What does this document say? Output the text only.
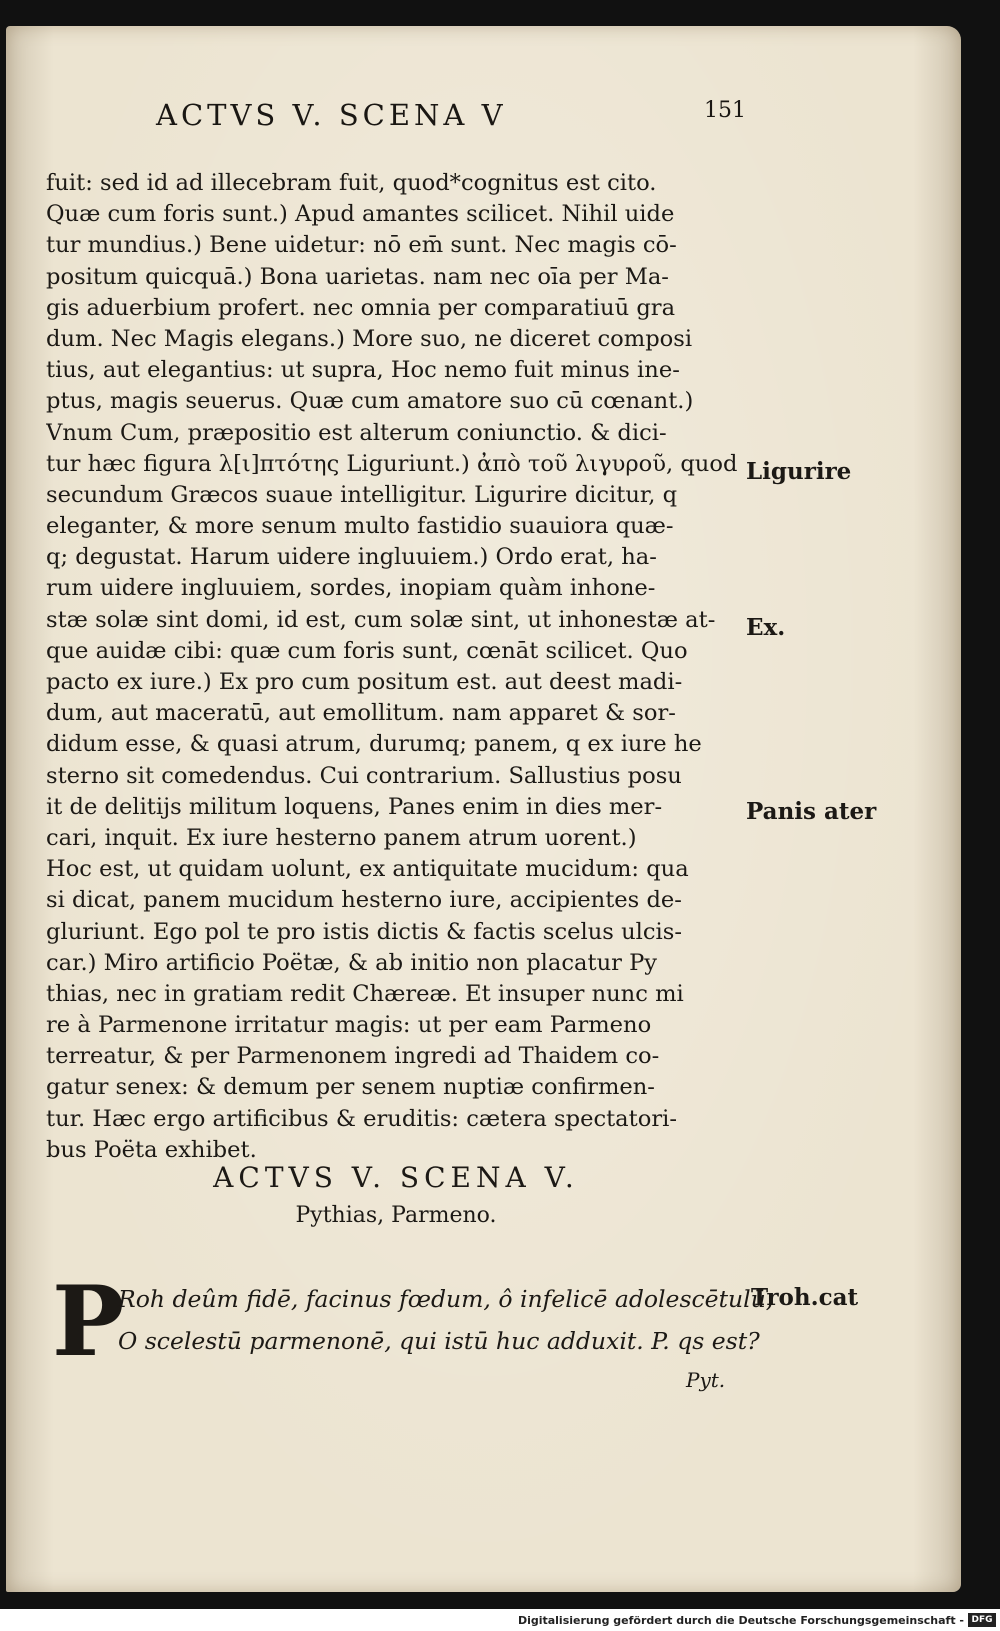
ACTVS V. SCENA V	151
fuit: sed id ad illecebram fuit, quod*cognitus est cito.
Quæ cum foris sunt.) Apud amantes scilicet. Nihil uide
tur mundius.) Bene uidetur: nō em̄ sunt. Nec magis cō-
positum quicquā.) Bona uarietas. nam nec oīa per Ma-
gis aduerbium profert. nec omnia per comparatiuū gra
dum. Nec Magis elegans.) More suo, ne diceret composi
tius, aut elegantius: ut supra, Hoc nemo fuit minus ine-
ptus, magis seuerus. Quæ cum amatore suo cū cœnant.)
Vnum Cum, præpositio est alterum coniunctio. & dici-
tur hæc figura λ[ι]πτότης Liguriunt.) ἀπὸ τοῦ λιγυροῦ, quod
secundum Græcos suaue intelligitur. Ligurire dicitur, q
eleganter, & more senum multo fastidio suauiora quæ-
q; degustat. Harum uidere ingluuiem.) Ordo erat, ha-
rum uidere ingluuiem, sordes, inopiam quàm inhone-
stæ solæ sint domi, id est, cum solæ sint, ut inhonestæ at-
que auidæ cibi: quæ cum foris sunt, cœnāt scilicet. Quo
pacto ex iure.) Ex pro cum positum est. aut deest madi-
dum, aut maceratū, aut emollitum. nam apparet & sor-
didum esse, & quasi atrum, durumq; panem, q ex iure he
sterno sit comedendus. Cui contrarium. Sallustius posu
it de delitijs militum loquens, Panes enim in dies mer-
cari, inquit. Ex iure hesterno panem atrum uorent.)
Hoc est, ut quidam uolunt, ex antiquitate mucidum: qua
si dicat, panem mucidum hesterno iure, accipientes de-
gluriunt. Ego pol te pro istis dictis & factis scelus ulcis-
car.) Miro artificio Poëtæ, & ab initio non placatur Py
thias, nec in gratiam redit Chæreæ. Et insuper nunc mi
re à Parmenone irritatur magis: ut per eam Parmeno
terreatur, & per Parmenonem ingredi ad Thaidem co-
gatur senex: & demum per senem nuptiæ confirmen-
tur. Hæc ergo artificibus & eruditis: cætera spectatori-
bus Poëta exhibet.
Ligurire
Ex.
Panis ater
Troh.cat
ACTVS V. SCENA V.
Pythias, Parmeno.
P
Roh deûm fidē, facinus fœdum, ô infelicē adolescētulū,
O scelestū parmenonē, qui istū huc adduxit. P. qs est?
Pyt.
Digitalisierung gefördert durch die Deutsche Forschungsgemeinschaft - DFG
